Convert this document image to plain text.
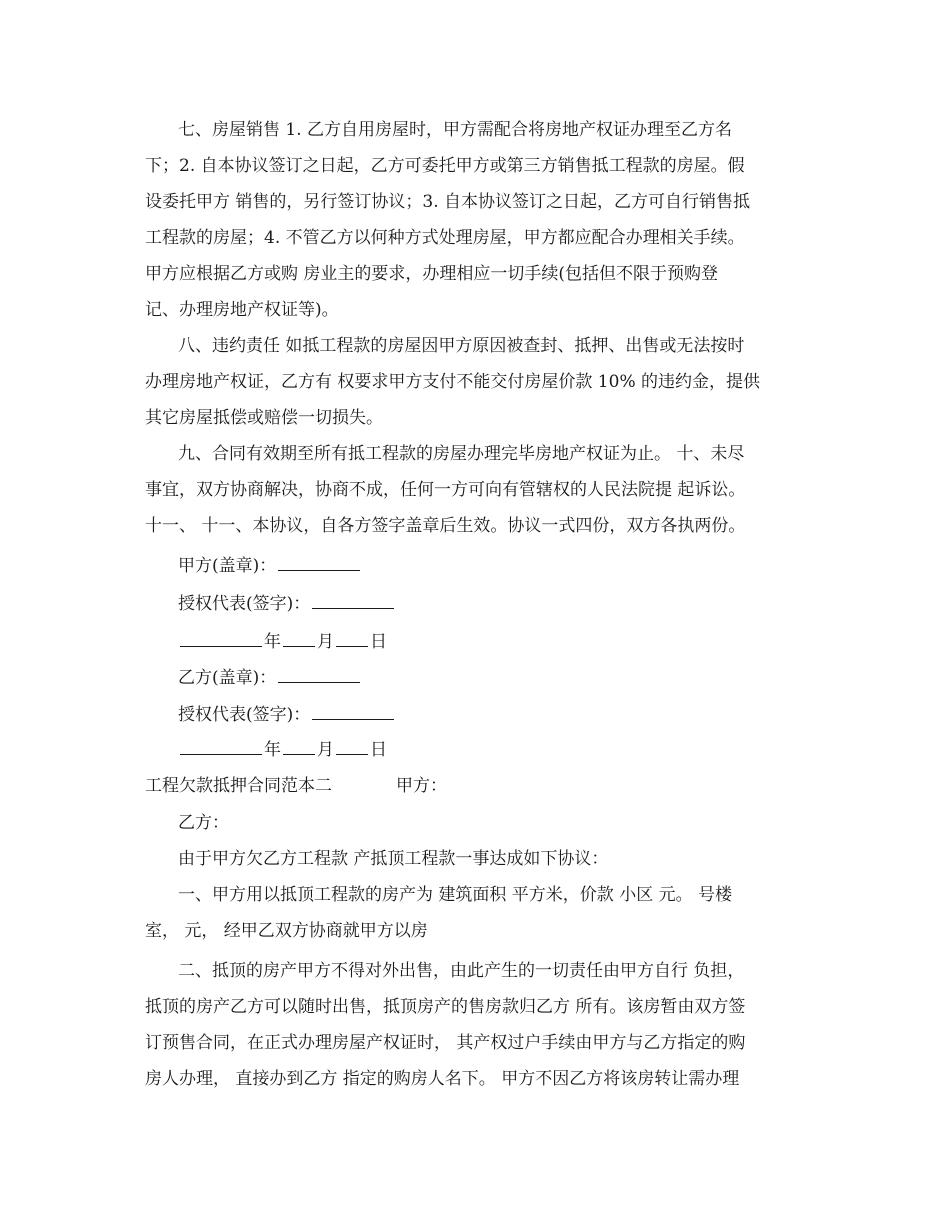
七、房屋销售 1. 乙方自用房屋时，甲方需配合将房地产权证办理至乙方名
下；2. 自本协议签订之日起，乙方可委托甲方或第三方销售抵工程款的房屋。假
设委托甲方 销售的，另行签订协议；3. 自本协议签订之日起，乙方可自行销售抵
工程款的房屋；4. 不管乙方以何种方式处理房屋，甲方都应配合办理相关手续。
甲方应根据乙方或购 房业主的要求，办理相应一切手续(包括但不限于预购登
记、办理房地产权证等)。
八、违约责任 如抵工程款的房屋因甲方原因被查封、抵押、出售或无法按时
办理房地产权证，乙方有 权要求甲方支付不能交付房屋价款 10% 的违约金，提供
其它房屋抵偿或赔偿一切损失。
九、合同有效期至所有抵工程款的房屋办理完毕房地产权证为止。 十、未尽
事宜，双方协商解决，协商不成，任何一方可向有管辖权的人民法院提 起诉讼。
十一、 十一、本协议，自各方签字盖章后生效。协议一式四份，双方各执两份。
甲方(盖章)：
授权代表(签字)：
年 月 日
乙方(盖章)：
授权代表(签字)：
年 月 日
工程欠款抵押合同范本二	甲方：
乙方：
由于甲方欠乙方工程款 产抵顶工程款一事达成如下协议：
一、甲方用以抵顶工程款的房产为 建筑面积 平方米，价款 小区 元。 号楼
室， 元， 经甲乙双方协商就甲方以房
二、抵顶的房产甲方不得对外出售，由此产生的一切责任由甲方自行 负担，
抵顶的房产乙方可以随时出售，抵顶房产的售房款归乙方 所有。该房暂由双方签
订预售合同，在正式办理房屋产权证时， 其产权过户手续由甲方与乙方指定的购
房人办理， 直接办到乙方 指定的购房人名下。 甲方不因乙方将该房转让需办理
